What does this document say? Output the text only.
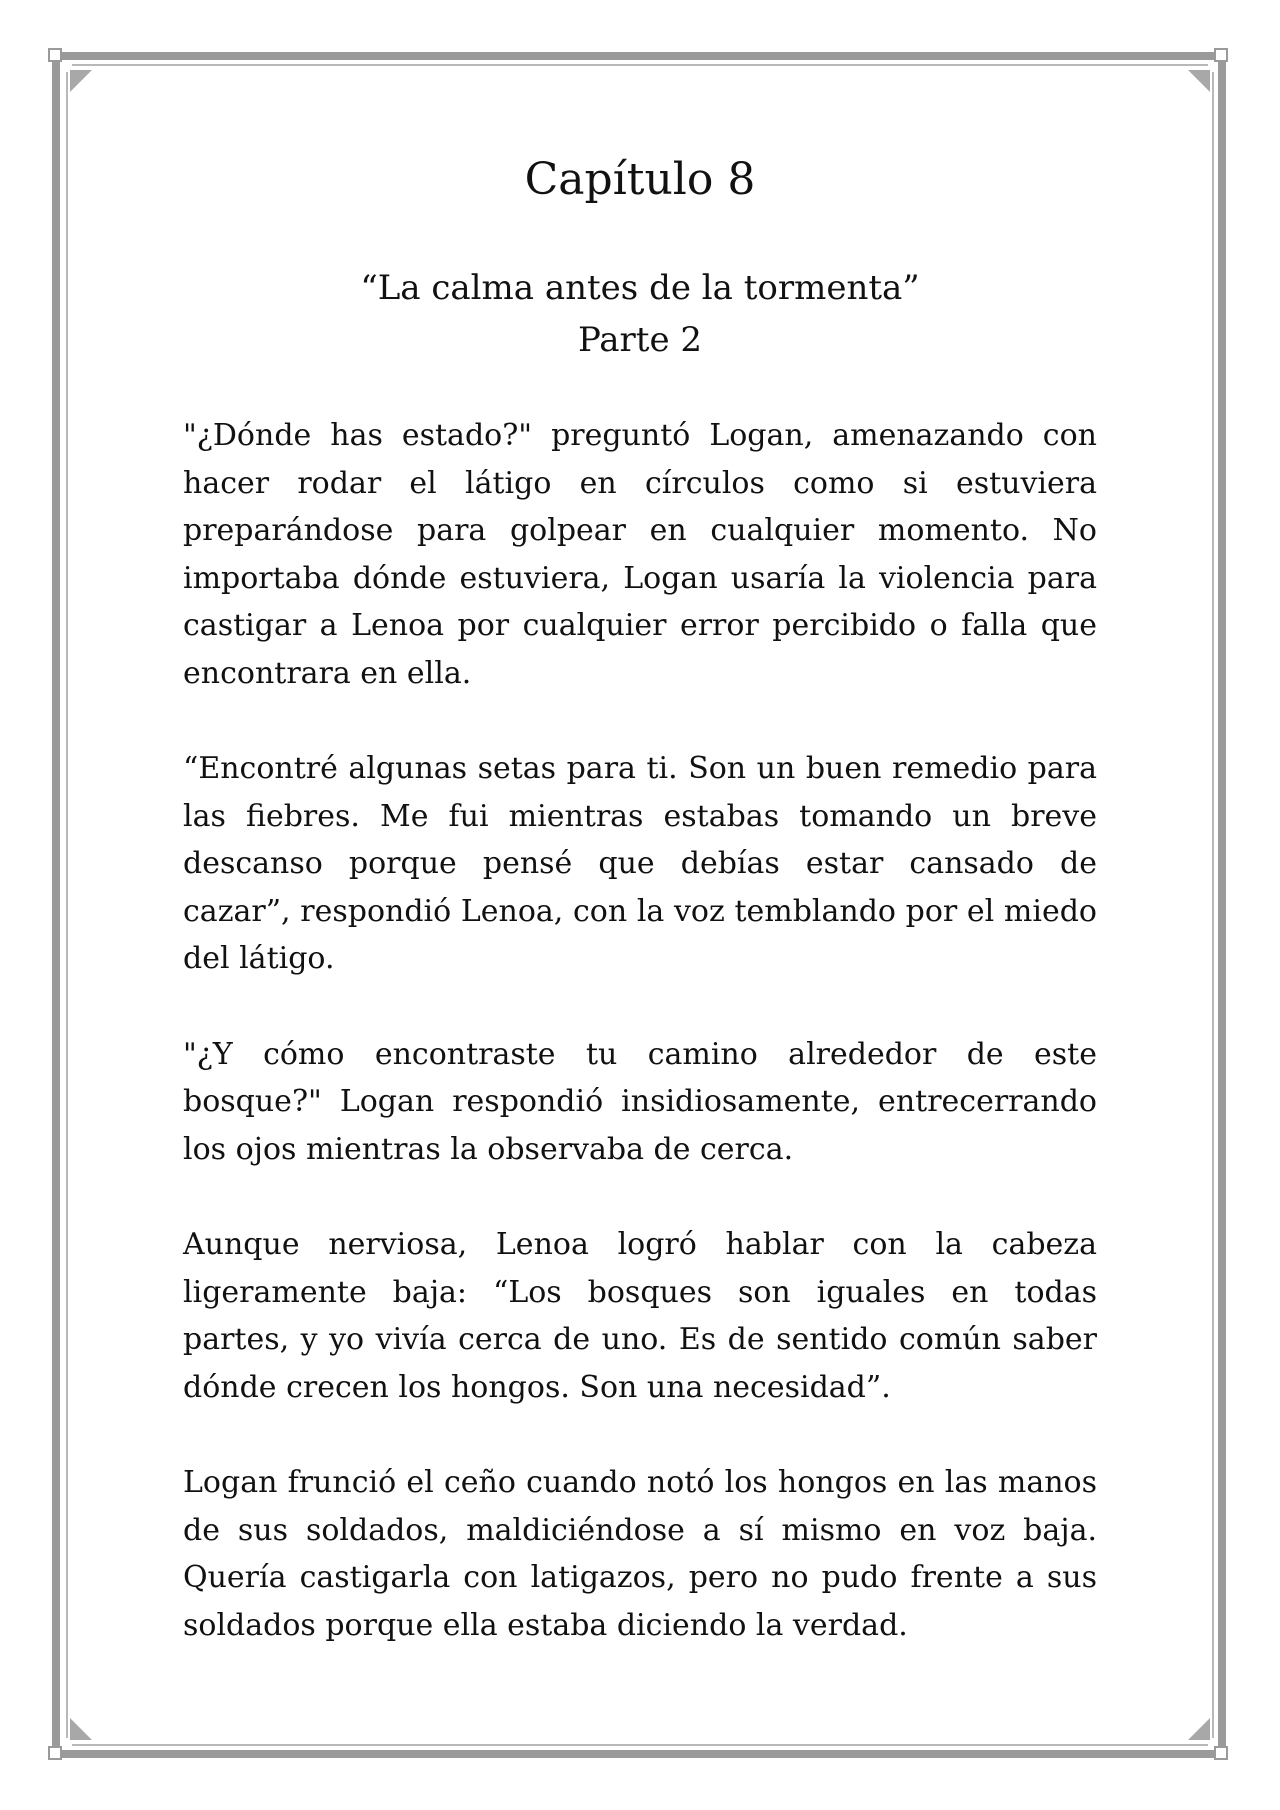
Capítulo 8
“La calma antes de la tormenta”
Parte 2

"¿Dónde has estado?" preguntó Logan, amenazando con hacer rodar el látigo en círculos como si estuviera preparándose para golpear en cualquier momento. No importaba dónde estuviera, Logan usaría la violencia para castigar a Lenoa por cualquier error percibido o falla que encontrara en ella.

“Encontré algunas setas para ti. Son un buen remedio para las fiebres. Me fui mientras estabas tomando un breve descanso porque pensé que debías estar cansado de cazar”, respondió Lenoa, con la voz temblando por el miedo del látigo.

"¿Y cómo encontraste tu camino alrededor de este bosque?" Logan respondió insidiosamente, entrecerrando los ojos mientras la observaba de cerca.

Aunque nerviosa, Lenoa logró hablar con la cabeza ligeramente baja: “Los bosques son iguales en todas partes, y yo vivía cerca de uno. Es de sentido común saber dónde crecen los hongos. Son una necesidad”.

Logan frunció el ceño cuando notó los hongos en las manos de sus soldados, maldiciéndose a sí mismo en voz baja. Quería castigarla con latigazos, pero no pudo frente a sus soldados porque ella estaba diciendo la verdad.
